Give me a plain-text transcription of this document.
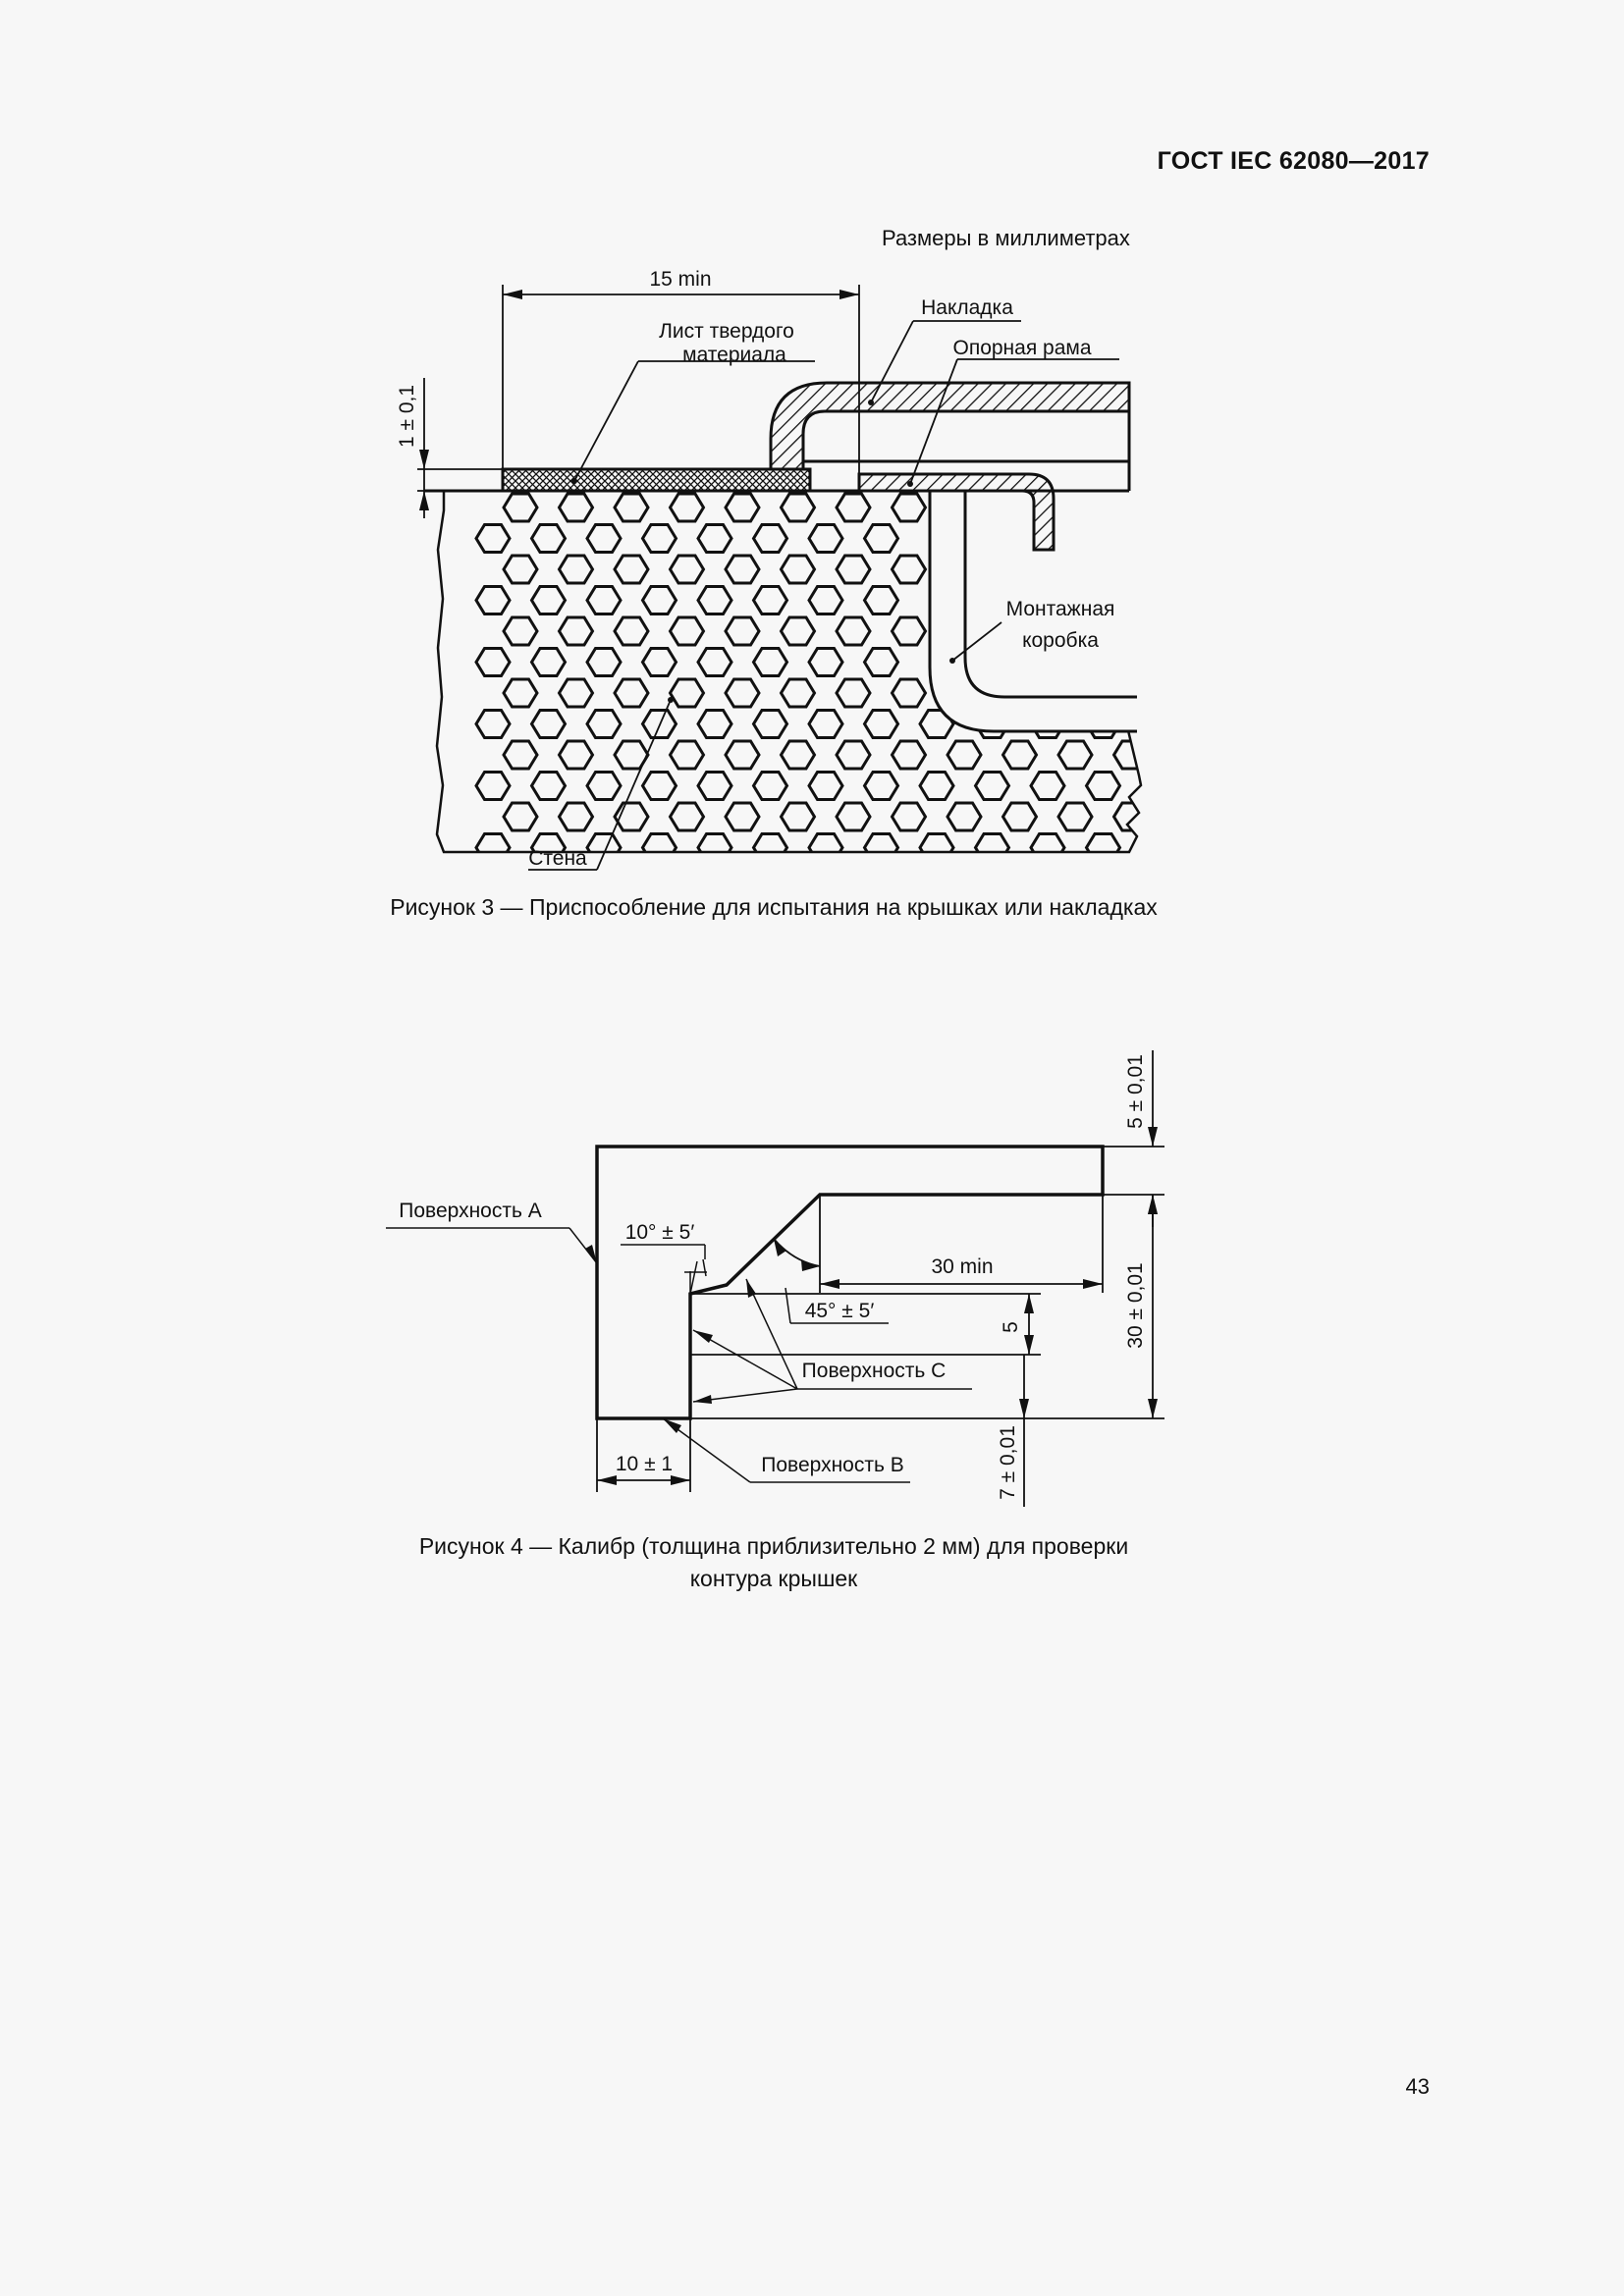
ГОСТ IEC 62080—2017
Размеры в миллиметрах
15 min
1 ± 0,1
Лист твердого
материала
Накладка
Опорная рама
Монтажная
коробка
Стена
Рисунок 3 — Приспособление для испытания на крышках или накладках
5 ± 0,01
30 ± 0,01
30 min
5
7 ± 0,01
10 ± 1
10° ± 5′
45° ± 5′
Поверхность А
Поверхность С
Поверхность В
Рисунок 4 — Калибр (толщина приблизительно 2 мм) для проверки
контура крышек
43
